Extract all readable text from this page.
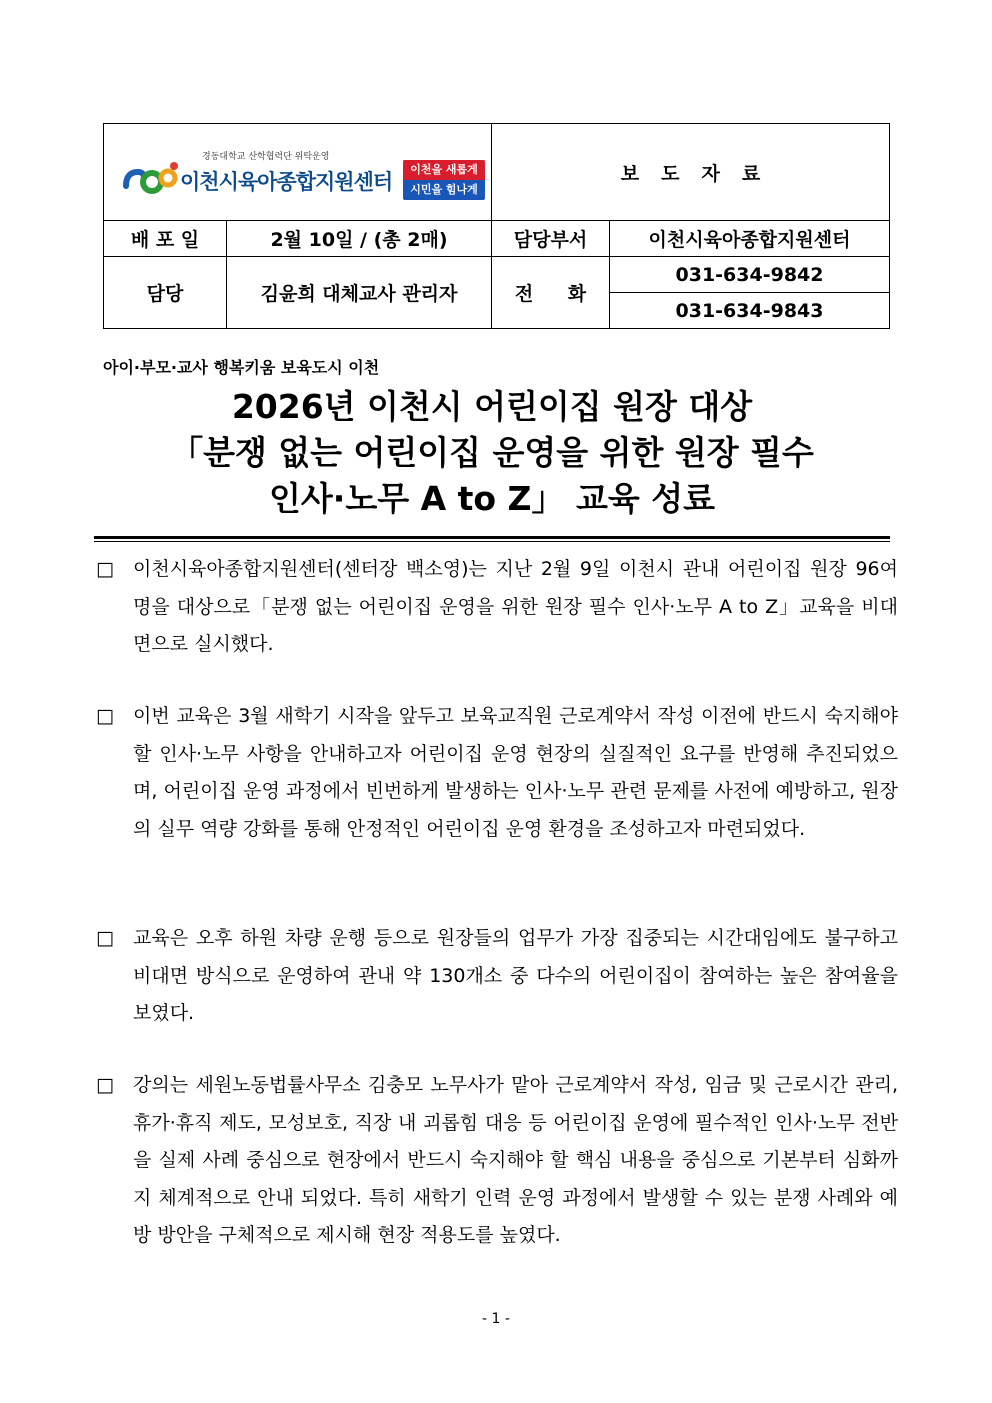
경동대학교 산학협력단 위탁운영
이천시육아종합지원센터
이천을 새롭게
시민을 힘나게		보도자료	
배 포 일	2월 10일 / (총 2매)	담당부서	이천시육아종합지원센터
담당	김윤희 대체교사 관리자	전 화	031-634-9842
			031-634-9843
아이·부모·교사 행복키움 보육도시 이천
2026년 이천시 어린이집 원장 대상
「분쟁 없는 어린이집 운영을 위한 원장 필수
인사·노무 A to Z」 교육 성료
□ 이천시육아종합지원센터(센터장 백소영)는 지난 2월 9일 이천시 관내 어린이집 원장 96여 명을 대상으로「분쟁 없는 어린이집 운영을 위한 원장 필수 인사·노무 A to Z」교육을 비대면으로 실시했다.
□ 이번 교육은 3월 새학기 시작을 앞두고 보육교직원 근로계약서 작성 이전에 반드시 숙지해야 할 인사·노무 사항을 안내하고자 어린이집 운영 현장의 실질적인 요구를 반영해 추진되었으며, 어린이집 운영 과정에서 빈번하게 발생하는 인사·노무 관련 문제를 사전에 예방하고, 원장의 실무 역량 강화를 통해 안정적인 어린이집 운영 환경을 조성하고자 마련되었다.
□ 교육은 오후 하원 차량 운행 등으로 원장들의 업무가 가장 집중되는 시간대임에도 불구하고 비대면 방식으로 운영하여 관내 약 130개소 중 다수의 어린이집이 참여하는 높은 참여율을 보였다.
□ 강의는 세원노동법률사무소 김충모 노무사가 맡아 근로계약서 작성, 임금 및 근로시간 관리, 휴가·휴직 제도, 모성보호, 직장 내 괴롭힘 대응 등 어린이집 운영에 필수적인 인사·노무 전반을 실제 사례 중심으로 현장에서 반드시 숙지해야 할 핵심 내용을 중심으로 기본부터 심화까지 체계적으로 안내 되었다. 특히 새학기 인력 운영 과정에서 발생할 수 있는 분쟁 사례와 예방 방안을 구체적으로 제시해 현장 적용도를 높였다.
- 1 -
